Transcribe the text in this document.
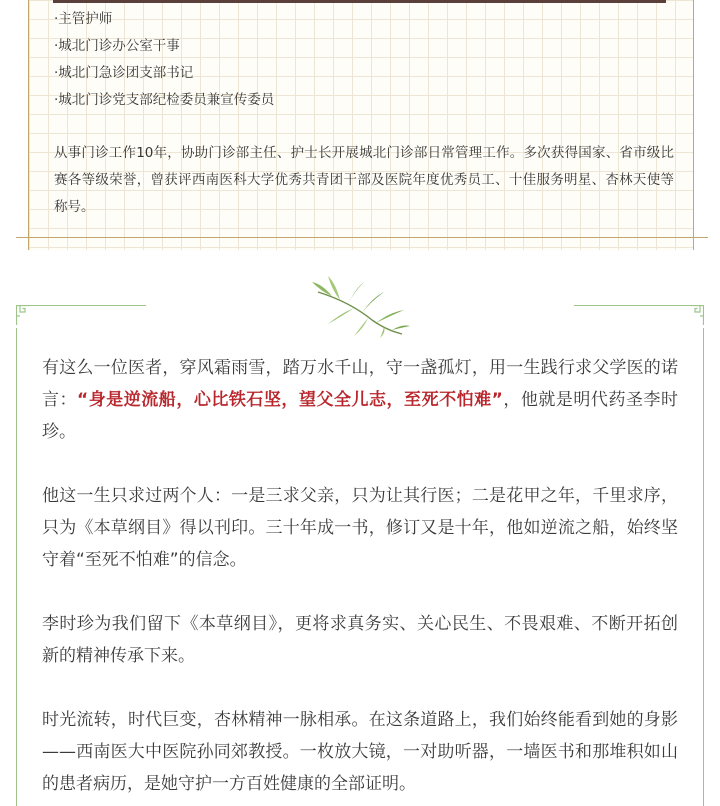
·主管护师
·城北门诊办公室干事
·城北门急诊团支部书记
·城北门诊党支部纪检委员兼宣传委员

从事门诊工作10年，协助门诊部主任、护士长开展城北门诊部日常管理工作。多次获得国家、省市级比赛各等级荣誉，曾获评西南医科大学优秀共青团干部及医院年度优秀员工、十佳服务明星、杏林天使等称号。

有这么一位医者，穿风霜雨雪，踏万水千山，守一盏孤灯，用一生践行求父学医的诺言：“身是逆流船，心比铁石坚，望父全儿志，至死不怕难”，他就是明代药圣李时珍。

他这一生只求过两个人：一是三求父亲，只为让其行医；二是花甲之年，千里求序，只为《本草纲目》得以刊印。三十年成一书，修订又是十年，他如逆流之船，始终坚守着“至死不怕难”的信念。

李时珍为我们留下《本草纲目》，更将求真务实、关心民生、不畏艰难、不断开拓创新的精神传承下来。

时光流转，时代巨变，杏林精神一脉相承。在这条道路上，我们始终能看到她的身影——西南医大中医院孙同郊教授。一枚放大镜，一对助听器，一墙医书和那堆积如山的患者病历，是她守护一方百姓健康的全部证明。
